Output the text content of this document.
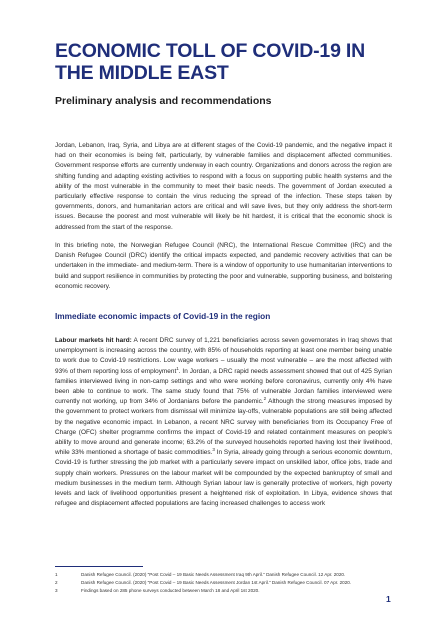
ECONOMIC TOLL OF COVID-19 IN THE MIDDLE EAST
Preliminary analysis and recommendations

Jordan, Lebanon, Iraq, Syria, and Libya are at different stages of the Covid-19 pandemic, and the negative impact it had on their economies is being felt, particularly, by vulnerable families and displacement affected communities. Government response efforts are currently underway in each country. Organizations and donors across the region are shifting funding and adapting existing activities to respond with a focus on supporting public health systems and the ability of the most vulnerable in the community to meet their basic needs. The government of Jordan executed a particularly effective response to contain the virus reducing the spread of the infection. These steps taken by governments, donors, and humanitarian actors are critical and will save lives, but they only address the short-term issues. Because the poorest and most vulnerable will likely be hit hardest, it is critical that the economic shock is addressed from the start of the response.

In this briefing note, the Norwegian Refugee Council (NRC), the International Rescue Committee (IRC) and the Danish Refugee Council (DRC) identify the critical impacts expected, and pandemic recovery activities that can be undertaken in the immediate- and medium-term. There is a window of opportunity to use humanitarian interventions to build and support resilience in communities by protecting the poor and vulnerable, supporting business, and bolstering economic recovery.

Immediate economic impacts of Covid-19 in the region

Labour markets hit hard: A recent DRC survey of 1,221 beneficiaries across seven governorates in Iraq shows that unemployment is increasing across the country, with 85% of households reporting at least one member being unable to work due to Covid-19 restrictions. Low wage workers – usually the most vulnerable – are the most affected with 93% of them reporting loss of employment$^1$. In Jordan, a DRC rapid needs assessment showed that out of 425 Syrian families interviewed living in non-camp settings and who were working before coronavirus, currently only 4% have been able to continue to work. The same study found that 75% of vulnerable Jordan families interviewed were currently not working, up from 34% of Jordanians before the pandemic.$^2$ Although the strong measures imposed by the government to protect workers from dismissal will minimize lay-offs, vulnerable populations are still being affected by the negative economic impact. In Lebanon, a recent NRC survey with beneficiaries from its Occupancy Free of Charge (OFC) shelter programme confirms the impact of Covid-19 and related containment measures on people's ability to move around and generate income; 63.2% of the surveyed households reported having lost their livelihood, while 33% mentioned a shortage of basic commodities.$^3$ In Syria, already going through a serious economic downturn, Covid-19 is further stressing the job market with a particularly severe impact on unskilled labor, office jobs, trade and supply chain workers. Pressures on the labour market will be compounded by the expected bankruptcy of small and medium businesses in the medium term. Although Syrian labour law is generally protective of workers, high poverty levels and lack of livelihood opportunities present a heightened risk of exploitation. In Libya, evidence shows that refugee and displacement affected populations are facing increased challenges to access work

1	Danish Refugee Council. (2020) "Post Covid – 19 Basic Needs Assessment Iraq 9th April." Danish Refugee Council. 12 Apr. 2020.
2	Danish Refugee Council. (2020) "Post Covid – 19 Basic Needs Assessment Jordan 1st April." Danish Refugee Council. 07 Apr. 2020.
3	Findings based on 285 phone surveys conducted between March 18 and April 1st 2020.
1
